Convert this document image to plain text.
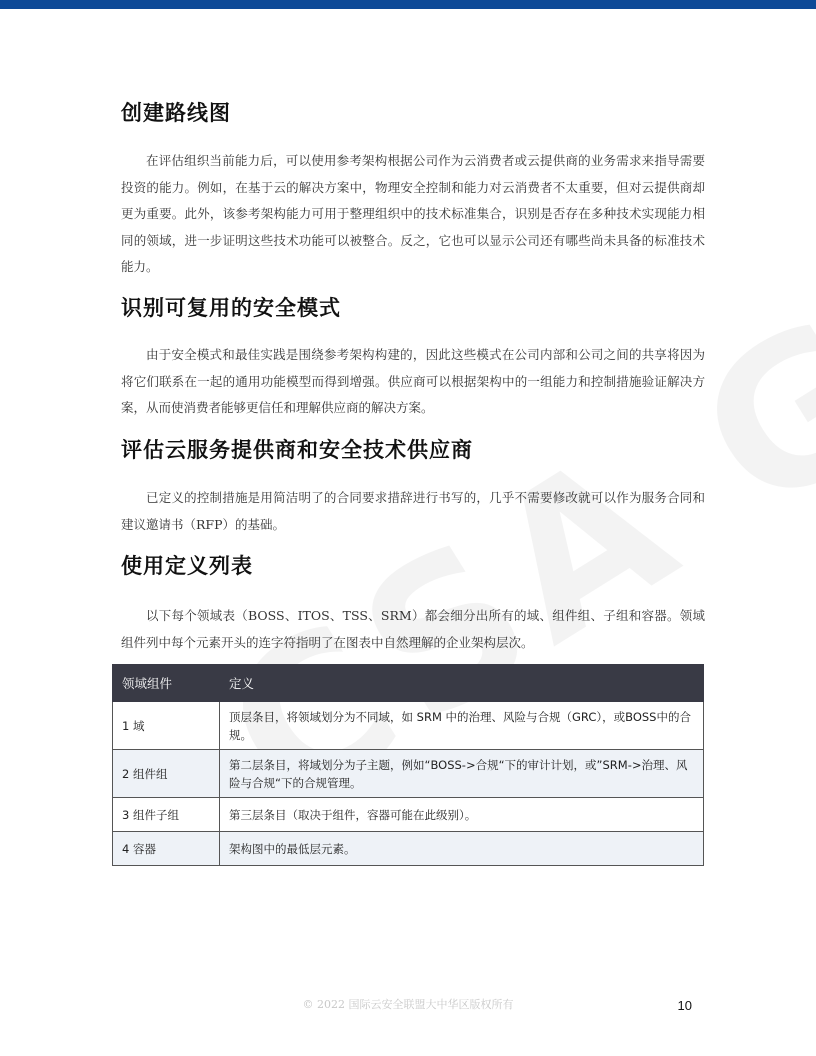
创建路线图

在评估组织当前能力后，可以使用参考架构根据公司作为云消费者或云提供商的业务需求来指导需要投资的能力。例如，在基于云的解决方案中，物理安全控制和能力对云消费者不太重要，但对云提供商却更为重要。此外，该参考架构能力可用于整理组织中的技术标准集合，识别是否存在多种技术实现能力相同的领域，进一步证明这些技术功能可以被整合。反之，它也可以显示公司还有哪些尚未具备的标准技术能力。

识别可复用的安全模式

由于安全模式和最佳实践是围绕参考架构构建的，因此这些模式在公司内部和公司之间的共享将因为将它们联系在一起的通用功能模型而得到增强。供应商可以根据架构中的一组能力和控制措施验证解决方案，从而使消费者能够更信任和理解供应商的解决方案。

评估云服务提供商和安全技术供应商

已定义的控制措施是用简洁明了的合同要求措辞进行书写的，几乎不需要修改就可以作为服务合同和建议邀请书（RFP）的基础。

使用定义列表

以下每个领域表（BOSS、ITOS、TSS、SRM）都会细分出所有的域、组件组、子组和容器。领域组件列中每个元素开头的连字符指明了在图表中自然理解的企业架构层次。

领域组件	定义
1 域	顶层条目，将领域划分为不同域，如 SRM 中的治理、风险与合规（GRC），或BOSS中的合规。
2 组件组	第二层条目，将域划分为子主题，例如“BOSS->合规“下的审计计划，或”SRM->治理、风险与合规“下的合规管理。
3 组件子组	第三层条目（取决于组件，容器可能在此级别）。
4 容器	架构图中的最低层元素。
© 2022 国际云安全联盟大中华区版权所有	10
